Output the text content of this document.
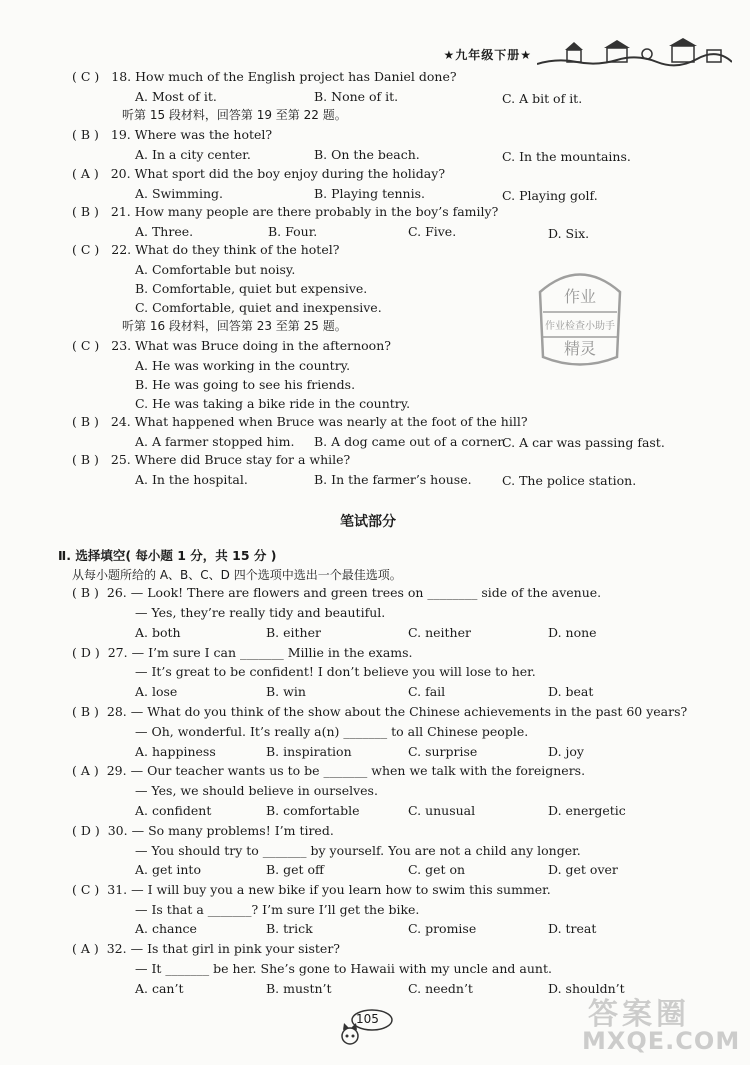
★九年级下册★
( C ) 18. How much of the English project has Daniel done?
A. Most of it.	B. None of it.	C. A bit of it.
听第 15 段材料，回答第 19 至第 22 题。
( B ) 19. Where was the hotel?
A. In a city center.	B. On the beach.	C. In the mountains.
( A ) 20. What sport did the boy enjoy during the holiday?
A. Swimming.	B. Playing tennis.	C. Playing golf.
( B ) 21. How many people are there probably in the boy’s family?
A. Three.	B. Four.	C. Five.	D. Six.
( C ) 22. What do they think of the hotel?
A. Comfortable but noisy.
B. Comfortable, quiet but expensive.
C. Comfortable, quiet and inexpensive.
听第 16 段材料，回答第 23 至第 25 题。
( C ) 23. What was Bruce doing in the afternoon?
A. He was working in the country.
B. He was going to see his friends.
C. He was taking a bike ride in the country.
( B ) 24. What happened when Bruce was nearly at the foot of the hill?
A. A farmer stopped him. B. A dog came out of a corner.
C. A car was passing fast.
( B ) 25. Where did Bruce stay for a while?
A. In the hospital.	B. In the farmer’s house. C. The police station.
作业
作业检查小助手
精灵
笔试部分
Ⅱ. 选择填空( 每小题 1 分，共 15 分 )
从每小题所给的 A、B、C、D 四个选项中选出一个最佳选项。
( B ) 26. — Look! There are flowers and green trees on ________ side of the avenue.
— Yes, they’re really tidy and beautiful.
A. both	B. either	C. neither	D. none
( D ) 27. — I’m sure I can _______ Millie in the exams.
— It’s great to be confident! I don’t believe you will lose to her.
A. lose	B. win	C. fail	D. beat
( B ) 28. — What do you think of the show about the Chinese achievements in the past 60 years?
— Oh, wonderful. It’s really a(n) _______ to all Chinese people.
A. happiness	B. inspiration	C. surprise	D. joy
( A ) 29. — Our teacher wants us to be _______ when we talk with the foreigners.
— Yes, we should believe in ourselves.
A. confident	B. comfortable	C. unusual	D. energetic
( D ) 30. — So many problems! I’m tired.
— You should try to _______ by yourself. You are not a child any longer.
A. get into	B. get off	C. get on	D. get over
( C ) 31. — I will buy you a new bike if you learn how to swim this summer.
— Is that a _______? I’m sure I’ll get the bike.
A. chance	B. trick	C. promise	D. treat
( A ) 32. — Is that girl in pink your sister?
— It _______ be her. She’s gone to Hawaii with my uncle and aunt.
A. can’t	B. mustn’t	C. needn’t	D. shouldn’t
105	答案圈
MXQE.COM
